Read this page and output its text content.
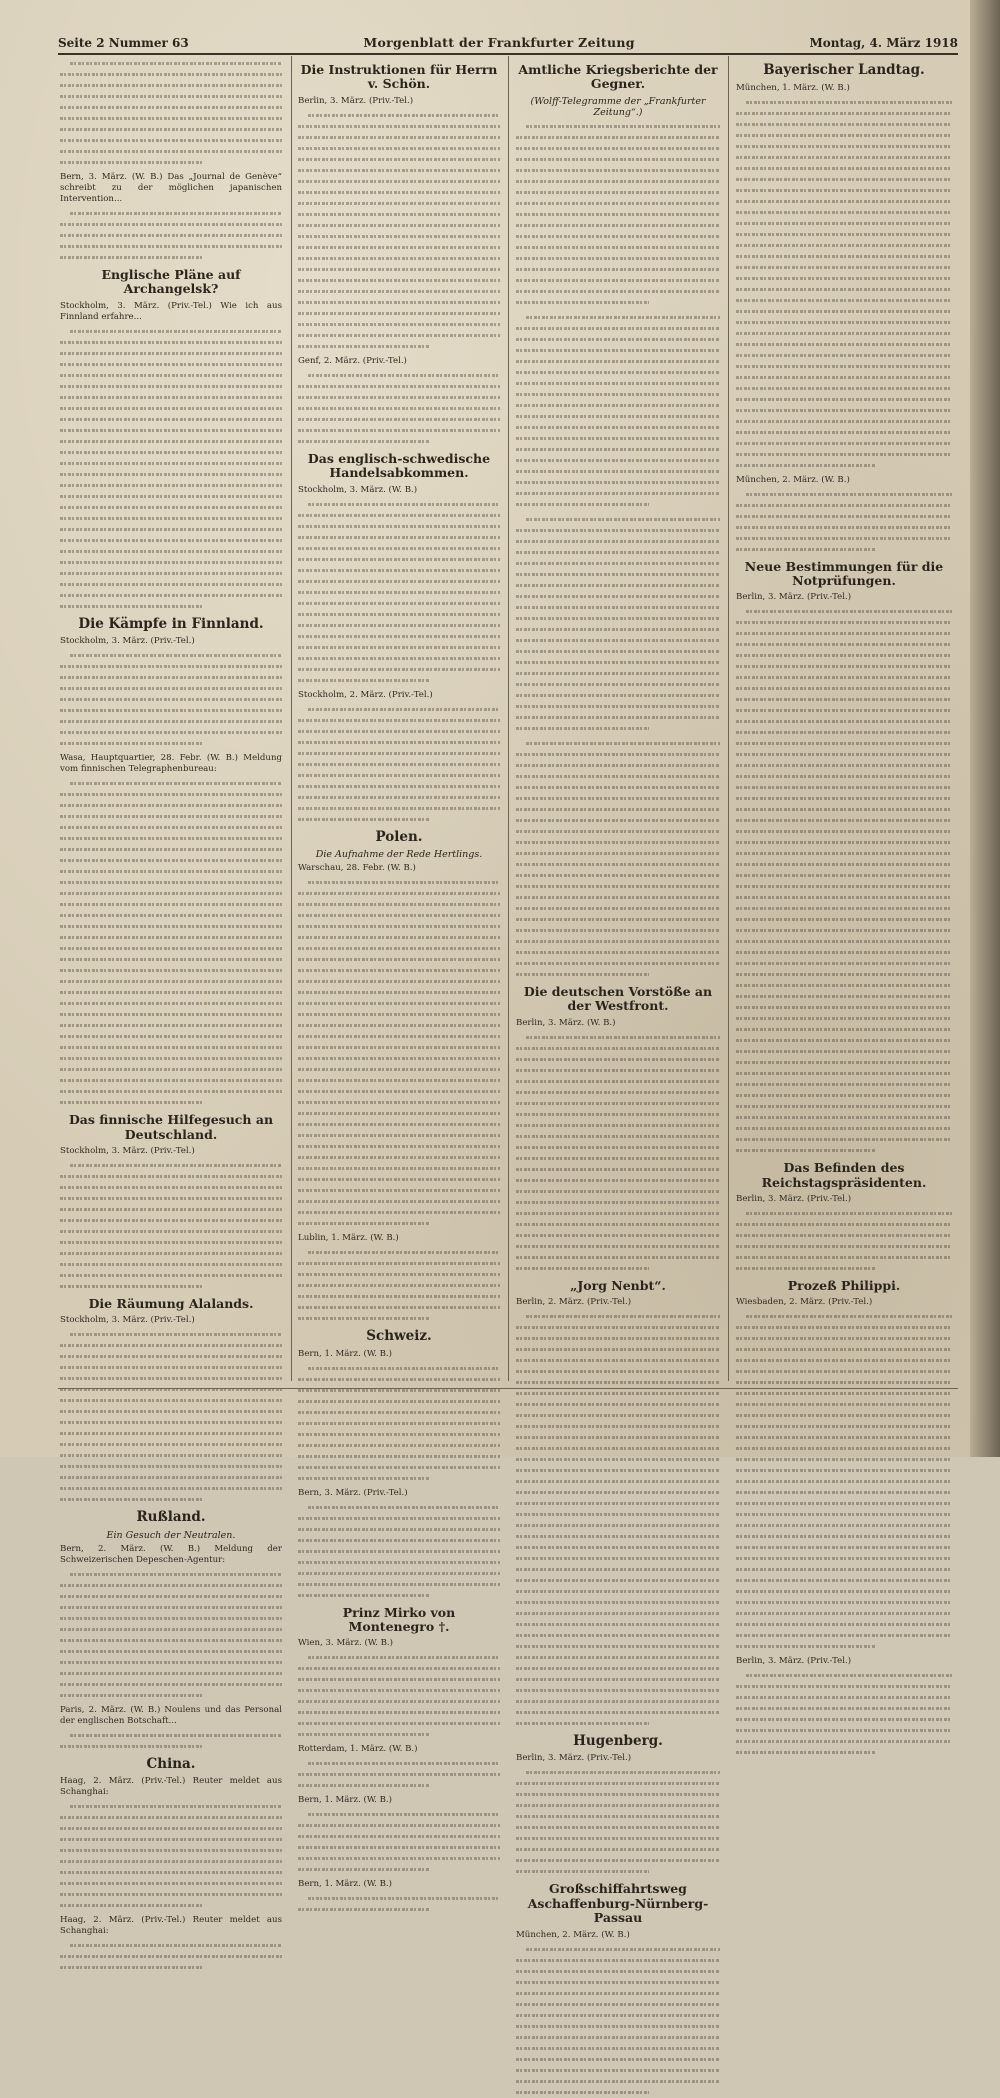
Seite 2 Nummer 63	Morgenblatt der Frankfurter Zeitung	Montag, 4. März 1918
Bern, 3. März. (W. B.) Das „Journal de Genève“ schreibt zu der möglichen japanischen Intervention...
Englische Pläne auf Archangelsk?
Stockholm, 3. März. (Priv.-Tel.) Wie ich aus Finnland erfahre...
Die Kämpfe in Finnland.
Stockholm, 3. März. (Priv.-Tel.)
Wasa, Hauptquartier, 28. Febr. (W. B.) Meldung vom finnischen Telegraphenbureau:
Das finnische Hilfegesuch an Deutschland.
Stockholm, 3. März. (Priv.-Tel.)
Die Räumung Alalands.
Stockholm, 3. März. (Priv.-Tel.)
Rußland.
Ein Gesuch der Neutralen.
Bern, 2. März. (W. B.) Meldung der Schweizerischen Depeschen-Agentur:
Paris, 2. März. (W. B.) Noulens und das Personal der englischen Botschaft...
China.
Haag, 2. März. (Priv.-Tel.) Reuter meldet aus Schanghai:
Haag, 2. März. (Priv.-Tel.) Reuter meldet aus Schanghai:
Die Instruktionen für Herrn v. Schön.
Berlin, 3. März. (Priv.-Tel.)
Genf, 2. März. (Priv.-Tel.)
Das englisch-schwedische Handelsabkommen.
Stockholm, 3. März. (W. B.)
Stockholm, 2. März. (Priv.-Tel.)
Polen.
Die Aufnahme der Rede Hertlings.
Warschau, 28. Febr. (W. B.)
Lublin, 1. März. (W. B.)
Schweiz.
Bern, 1. März. (W. B.)
Bern, 3. März. (Priv.-Tel.)
Prinz Mirko von Montenegro †.
Wien, 3. März. (W. B.)
Rotterdam, 1. März. (W. B.)
Bern, 1. März. (W. B.)
Bern, 1. März. (W. B.)
Amtliche Kriegsberichte der Gegner.
(Wolff-Telegramme der „Frankfurter Zeitung“.)
Die deutschen Vorstöße an der Westfront.
Berlin, 3. März. (W. B.)
„Jorg Nenbt“.
Berlin, 2. März. (Priv.-Tel.)
Hugenberg.
Berlin, 3. März. (Priv.-Tel.)
Großschiffahrtsweg Aschaffenburg-Nürnberg-Passau
München, 2. März. (W. B.)
Bayerischer Landtag.
München, 1. März. (W. B.)
München, 2. März. (W. B.)
Neue Bestimmungen für die Notprüfungen.
Berlin, 3. März. (Priv.-Tel.)
Das Befinden des Reichstagspräsidenten.
Berlin, 3. März. (Priv.-Tel.)
Prozeß Philippi.
Wiesbaden, 2. März. (Priv.-Tel.)
Berlin, 3. März. (Priv.-Tel.)
